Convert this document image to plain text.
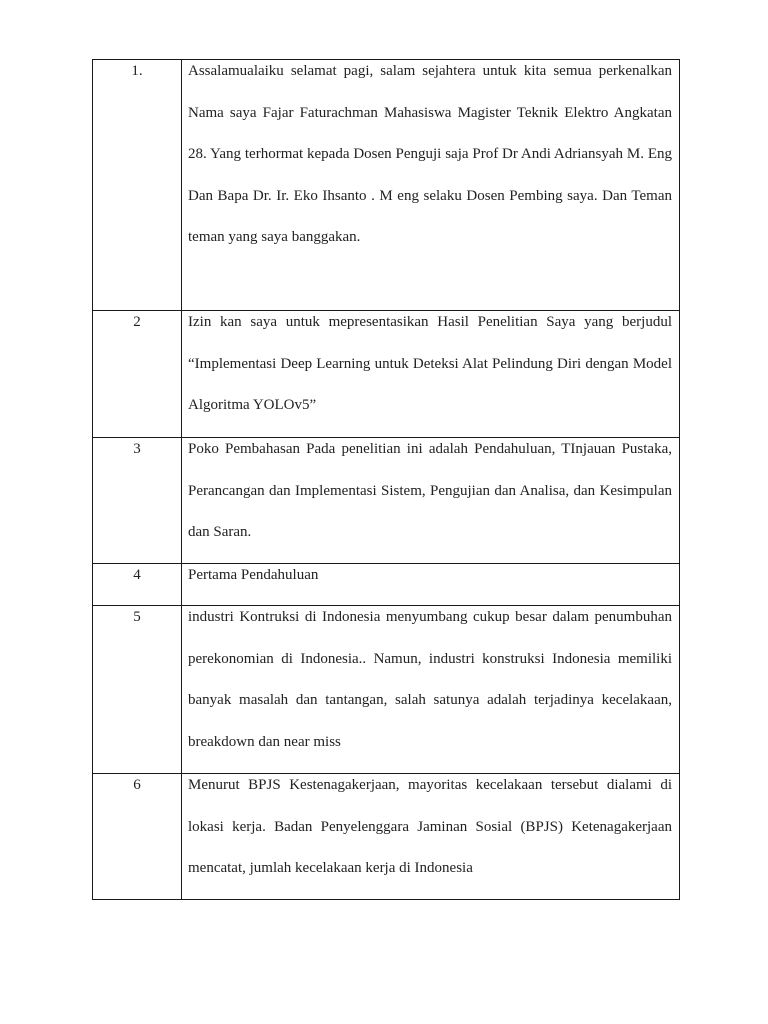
1.	Assalamualaiku selamat pagi, salam sejahtera untuk kita semua perkenalkan Nama saya Fajar Faturachman Mahasiswa Magister Teknik Elektro Angkatan 28. Yang terhormat kepada Dosen Penguji saja Prof Dr Andi Adriansyah M. Eng Dan Bapa Dr. Ir. Eko Ihsanto . M eng selaku Dosen Pembing saya. Dan Teman teman yang saya banggakan.

2	Izin kan saya untuk mepresentasikan Hasil Penelitian Saya yang berjudul “Implementasi Deep Learning untuk Deteksi Alat Pelindung Diri dengan Model Algoritma YOLOv5”

3	Poko Pembahasan Pada penelitian ini adalah Pendahuluan, TInjauan Pustaka, Perancangan dan Implementasi Sistem, Pengujian dan Analisa, dan Kesimpulan dan Saran.

4	Pertama Pendahuluan

5	industri Kontruksi di Indonesia menyumbang cukup besar dalam penumbuhan perekonomian di Indonesia.. Namun, industri konstruksi Indonesia memiliki banyak masalah dan tantangan, salah satunya adalah terjadinya kecelakaan, breakdown dan near miss

6	Menurut BPJS Kestenagakerjaan, mayoritas kecelakaan tersebut dialami di lokasi kerja. Badan Penyelenggara Jaminan Sosial (BPJS) Ketenagakerjaan mencatat, jumlah kecelakaan kerja di Indonesia
